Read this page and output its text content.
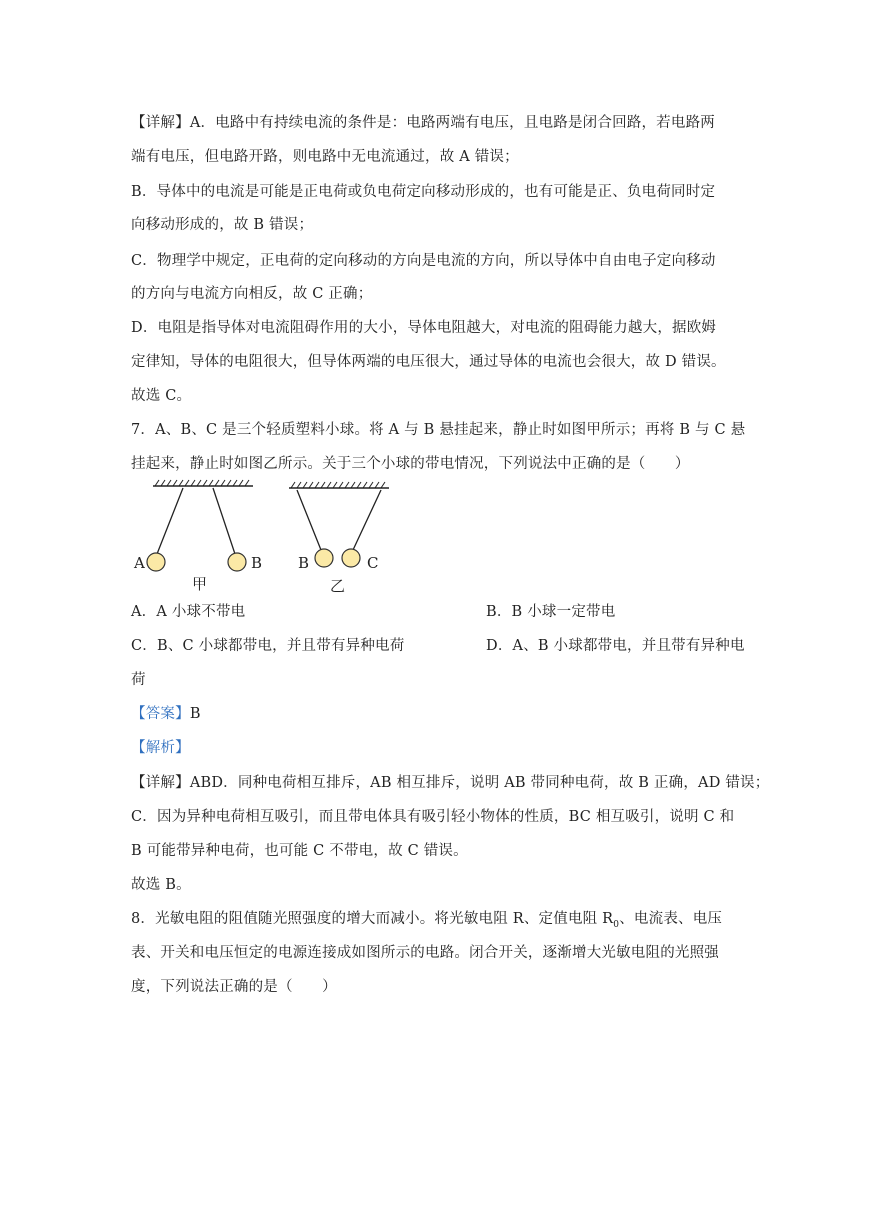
【详解】A．电路中有持续电流的条件是：电路两端有电压，且电路是闭合回路，若电路两
端有电压，但电路开路，则电路中无电流通过，故 A 错误；
B．导体中的电流是可能是正电荷或负电荷定向移动形成的，也有可能是正、负电荷同时定
向移动形成的，故 B 错误；
C．物理学中规定，正电荷的定向移动的方向是电流的方向，所以导体中自由电子定向移动
的方向与电流方向相反，故 C 正确；
D．电阻是指导体对电流阻碍作用的大小，导体电阻越大，对电流的阻碍能力越大，据欧姆
定律知，导体的电阻很大，但导体两端的电压很大，通过导体的电流也会很大，故 D 错误。
故选 C。
7．A、B、C 是三个轻质塑料小球。将 A 与 B 悬挂起来，静止时如图甲所示；再将 B 与 C 悬
挂起来，静止时如图乙所示。关于三个小球的带电情况，下列说法中正确的是（　　）
A	B
甲
B	C
乙
A．A 小球不带电	B．B 小球一定带电
C．B、C 小球都带电，并且带有异种电荷	D．A、B 小球都带电，并且带有异种电
荷
【答案】B
【解析】
【详解】ABD．同种电荷相互排斥，AB 相互排斥，说明 AB 带同种电荷，故 B 正确，AD 错误；
C．因为异种电荷相互吸引，而且带电体具有吸引轻小物体的性质，BC 相互吸引，说明 C 和
B 可能带异种电荷，也可能 C 不带电，故 C 错误。
故选 B。
8．光敏电阻的阻值随光照强度的增大而减小。将光敏电阻 R、定值电阻 $R_0$、电流表、电压
表、开关和电压恒定的电源连接成如图所示的电路。闭合开关，逐渐增大光敏电阻的光照强
度，下列说法正确的是（　　）
